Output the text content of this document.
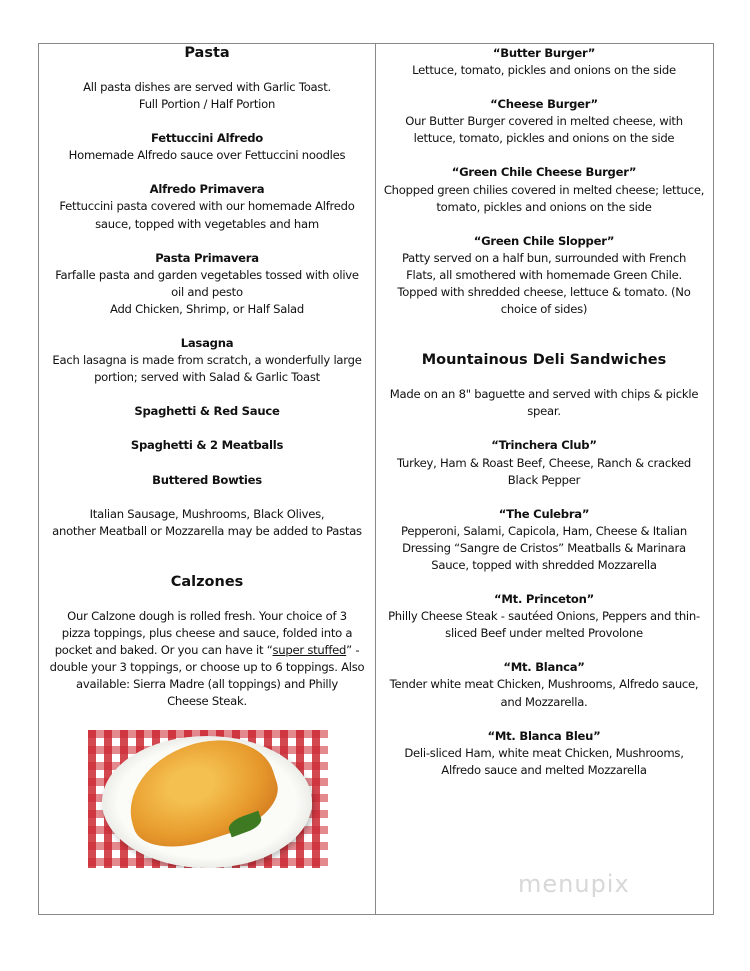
Pasta
All pasta dishes are served with Garlic Toast.
Full Portion / Half Portion
Fettuccini Alfredo
Homemade Alfredo sauce over Fettuccini noodles
Alfredo Primavera
Fettuccini pasta covered with our homemade Alfredo
sauce, topped with vegetables and ham
Pasta Primavera
Farfalle pasta and garden vegetables tossed with olive
oil and pesto
Add Chicken, Shrimp, or Half Salad
Lasagna
Each lasagna is made from scratch, a wonderfully large
portion; served with Salad & Garlic Toast
Spaghetti & Red Sauce
Spaghetti & 2 Meatballs
Buttered Bowties
Italian Sausage, Mushrooms, Black Olives,
another Meatball or Mozzarella may be added to Pastas
Calzones
Our Calzone dough is rolled fresh. Your choice of 3
pizza toppings, plus cheese and sauce, folded into a
pocket and baked. Or you can have it “super stuffed” -
double your 3 toppings, or choose up to 6 toppings. Also
available: Sierra Madre (all toppings) and Philly
Cheese Steak.
“Butter Burger”
Lettuce, tomato, pickles and onions on the side
“Cheese Burger”
Our Butter Burger covered in melted cheese, with
lettuce, tomato, pickles and onions on the side
“Green Chile Cheese Burger”
Chopped green chilies covered in melted cheese; lettuce,
tomato, pickles and onions on the side
“Green Chile Slopper”
Patty served on a half bun, surrounded with French
Flats, all smothered with homemade Green Chile.
Topped with shredded cheese, lettuce & tomato. (No
choice of sides)
Mountainous Deli Sandwiches
Made on an 8" baguette and served with chips & pickle
spear.
“Trinchera Club”
Turkey, Ham & Roast Beef, Cheese, Ranch & cracked
Black Pepper
“The Culebra”
Pepperoni, Salami, Capicola, Ham, Cheese & Italian
Dressing “Sangre de Cristos” Meatballs & Marinara
Sauce, topped with shredded Mozzarella
“Mt. Princeton”
Philly Cheese Steak - sautéed Onions, Peppers and thin-
sliced Beef under melted Provolone
“Mt. Blanca”
Tender white meat Chicken, Mushrooms, Alfredo sauce,
and Mozzarella.
“Mt. Blanca Bleu”
Deli-sliced Ham, white meat Chicken, Mushrooms,
Alfredo sauce and melted Mozzarella
menupix
